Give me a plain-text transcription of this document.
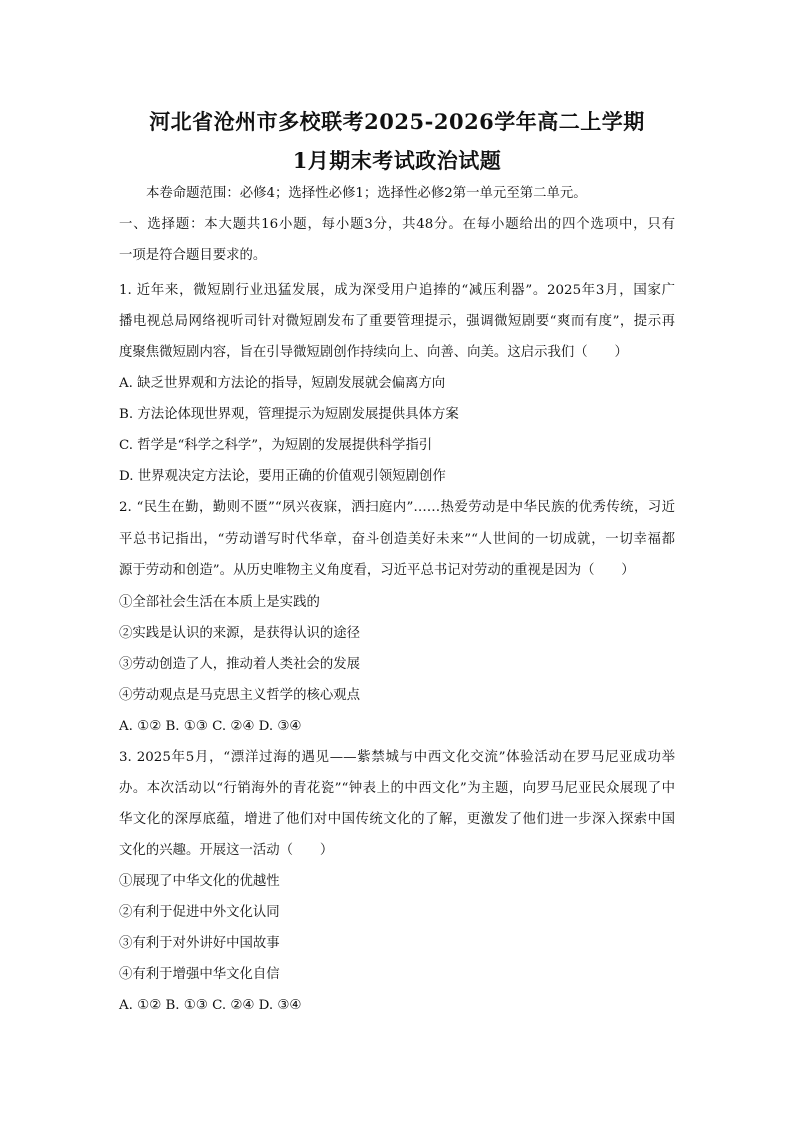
河北省沧州市多校联考2025-2026学年高二上学期
1月期末考试政治试题
本卷命题范围：必修4；选择性必修1；选择性必修2第一单元至第二单元。
一、选择题：本大题共16小题，每小题3分，共48分。在每小题给出的四个选项中，只有
一项是符合题目要求的。
1. 近年来，微短剧行业迅猛发展，成为深受用户追捧的“减压利器”。2025年3月，国家广
播电视总局网络视听司针对微短剧发布了重要管理提示，强调微短剧要“爽而有度”，提示再
度聚焦微短剧内容，旨在引导微短剧创作持续向上、向善、向美。这启示我们（　　）
A. 缺乏世界观和方法论的指导，短剧发展就会偏离方向
B. 方法论体现世界观，管理提示为短剧发展提供具体方案
C. 哲学是“科学之科学”，为短剧的发展提供科学指引
D. 世界观决定方法论，要用正确的价值观引领短剧创作
2. “民生在勤，勤则不匮”“夙兴夜寐，洒扫庭内”……热爱劳动是中华民族的优秀传统，习近
平总书记指出，“劳动谱写时代华章，奋斗创造美好未来”“人世间的一切成就，一切幸福都
源于劳动和创造”。从历史唯物主义角度看，习近平总书记对劳动的重视是因为（　　）
①全部社会生活在本质上是实践的
②实践是认识的来源，是获得认识的途径
③劳动创造了人，推动着人类社会的发展
④劳动观点是马克思主义哲学的核心观点
A. ①② B. ①③ C. ②④ D. ③④
3. 2025年5月，“漂洋过海的遇见——紫禁城与中西文化交流”体验活动在罗马尼亚成功举
办。本次活动以“行销海外的青花瓷”“钟表上的中西文化”为主题，向罗马尼亚民众展现了中
华文化的深厚底蕴，增进了他们对中国传统文化的了解，更激发了他们进一步深入探索中国
文化的兴趣。开展这一活动（　　）
①展现了中华文化的优越性
②有利于促进中外文化认同
③有利于对外讲好中国故事
④有利于增强中华文化自信
A. ①② B. ①③ C. ②④ D. ③④
